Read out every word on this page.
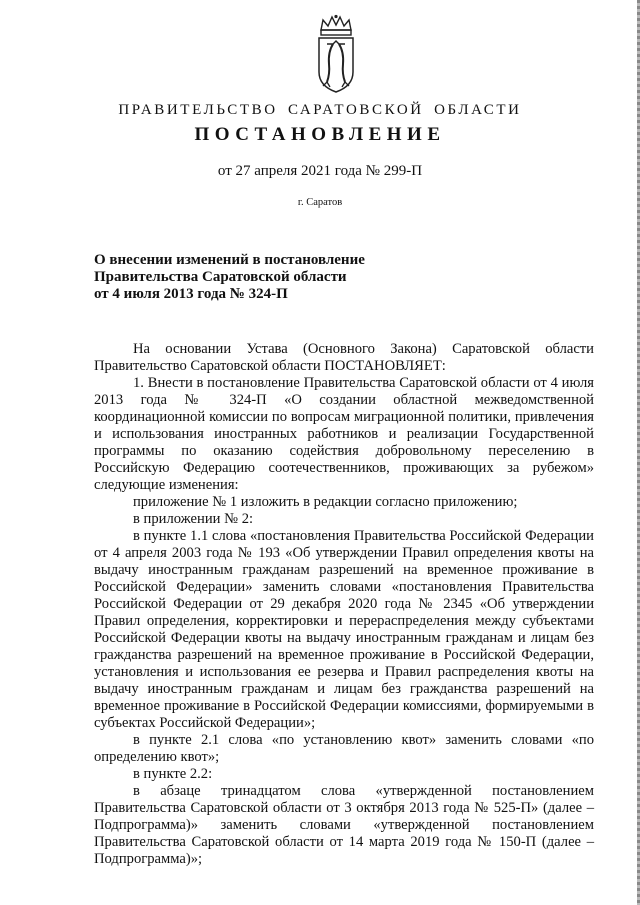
ПРАВИТЕЛЬСТВО САРАТОВСКОЙ ОБЛАСТИ
ПОСТАНОВЛЕНИЕ
от 27 апреля 2021 года № 299-П
г. Саратов
О внесении изменений в постановление
Правительства Саратовской области
от 4 июля 2013 года № 324-П

На основании Устава (Основного Закона) Саратовской области Правительство Саратовской области ПОСТАНОВЛЯЕТ:

1. Внести в постановление Правительства Саратовской области от 4 июля 2013 года № 324-П «О создании областной межведомственной координационной комиссии по вопросам миграционной политики, привлечения и использования иностранных работников и реализации Государственной программы по оказанию содействия добровольному переселению в Российскую Федерацию соотечественников, проживающих за рубежом» следующие изменения:

приложение № 1 изложить в редакции согласно приложению;

в приложении № 2:

в пункте 1.1 слова «постановления Правительства Российской Федерации от 4 апреля 2003 года № 193 «Об утверждении Правил определения квоты на выдачу иностранным гражданам разрешений на временное проживание в Российской Федерации» заменить словами «постановления Правительства Российской Федерации от 29 декабря 2020 года № 2345 «Об утверждении Правил определения, корректировки и перераспределения между субъектами Российской Федерации квоты на выдачу иностранным гражданам и лицам без гражданства разрешений на временное проживание в Российской Федерации, установления и использования ее резерва и Правил распределения квоты на выдачу иностранным гражданам и лицам без гражданства разрешений на временное проживание в Российской Федерации комиссиями, формируемыми в субъектах Российской Федерации»;

в пункте 2.1 слова «по установлению квот» заменить словами «по определению квот»;

в пункте 2.2:

в абзаце тринадцатом слова «утвержденной постановлением Правительства Саратовской области от 3 октября 2013 года № 525-П» (далее – Подпрограмма)» заменить словами «утвержденной постановлением Правительства Саратовской области от 14 марта 2019 года № 150-П (далее – Подпрограмма)»;
